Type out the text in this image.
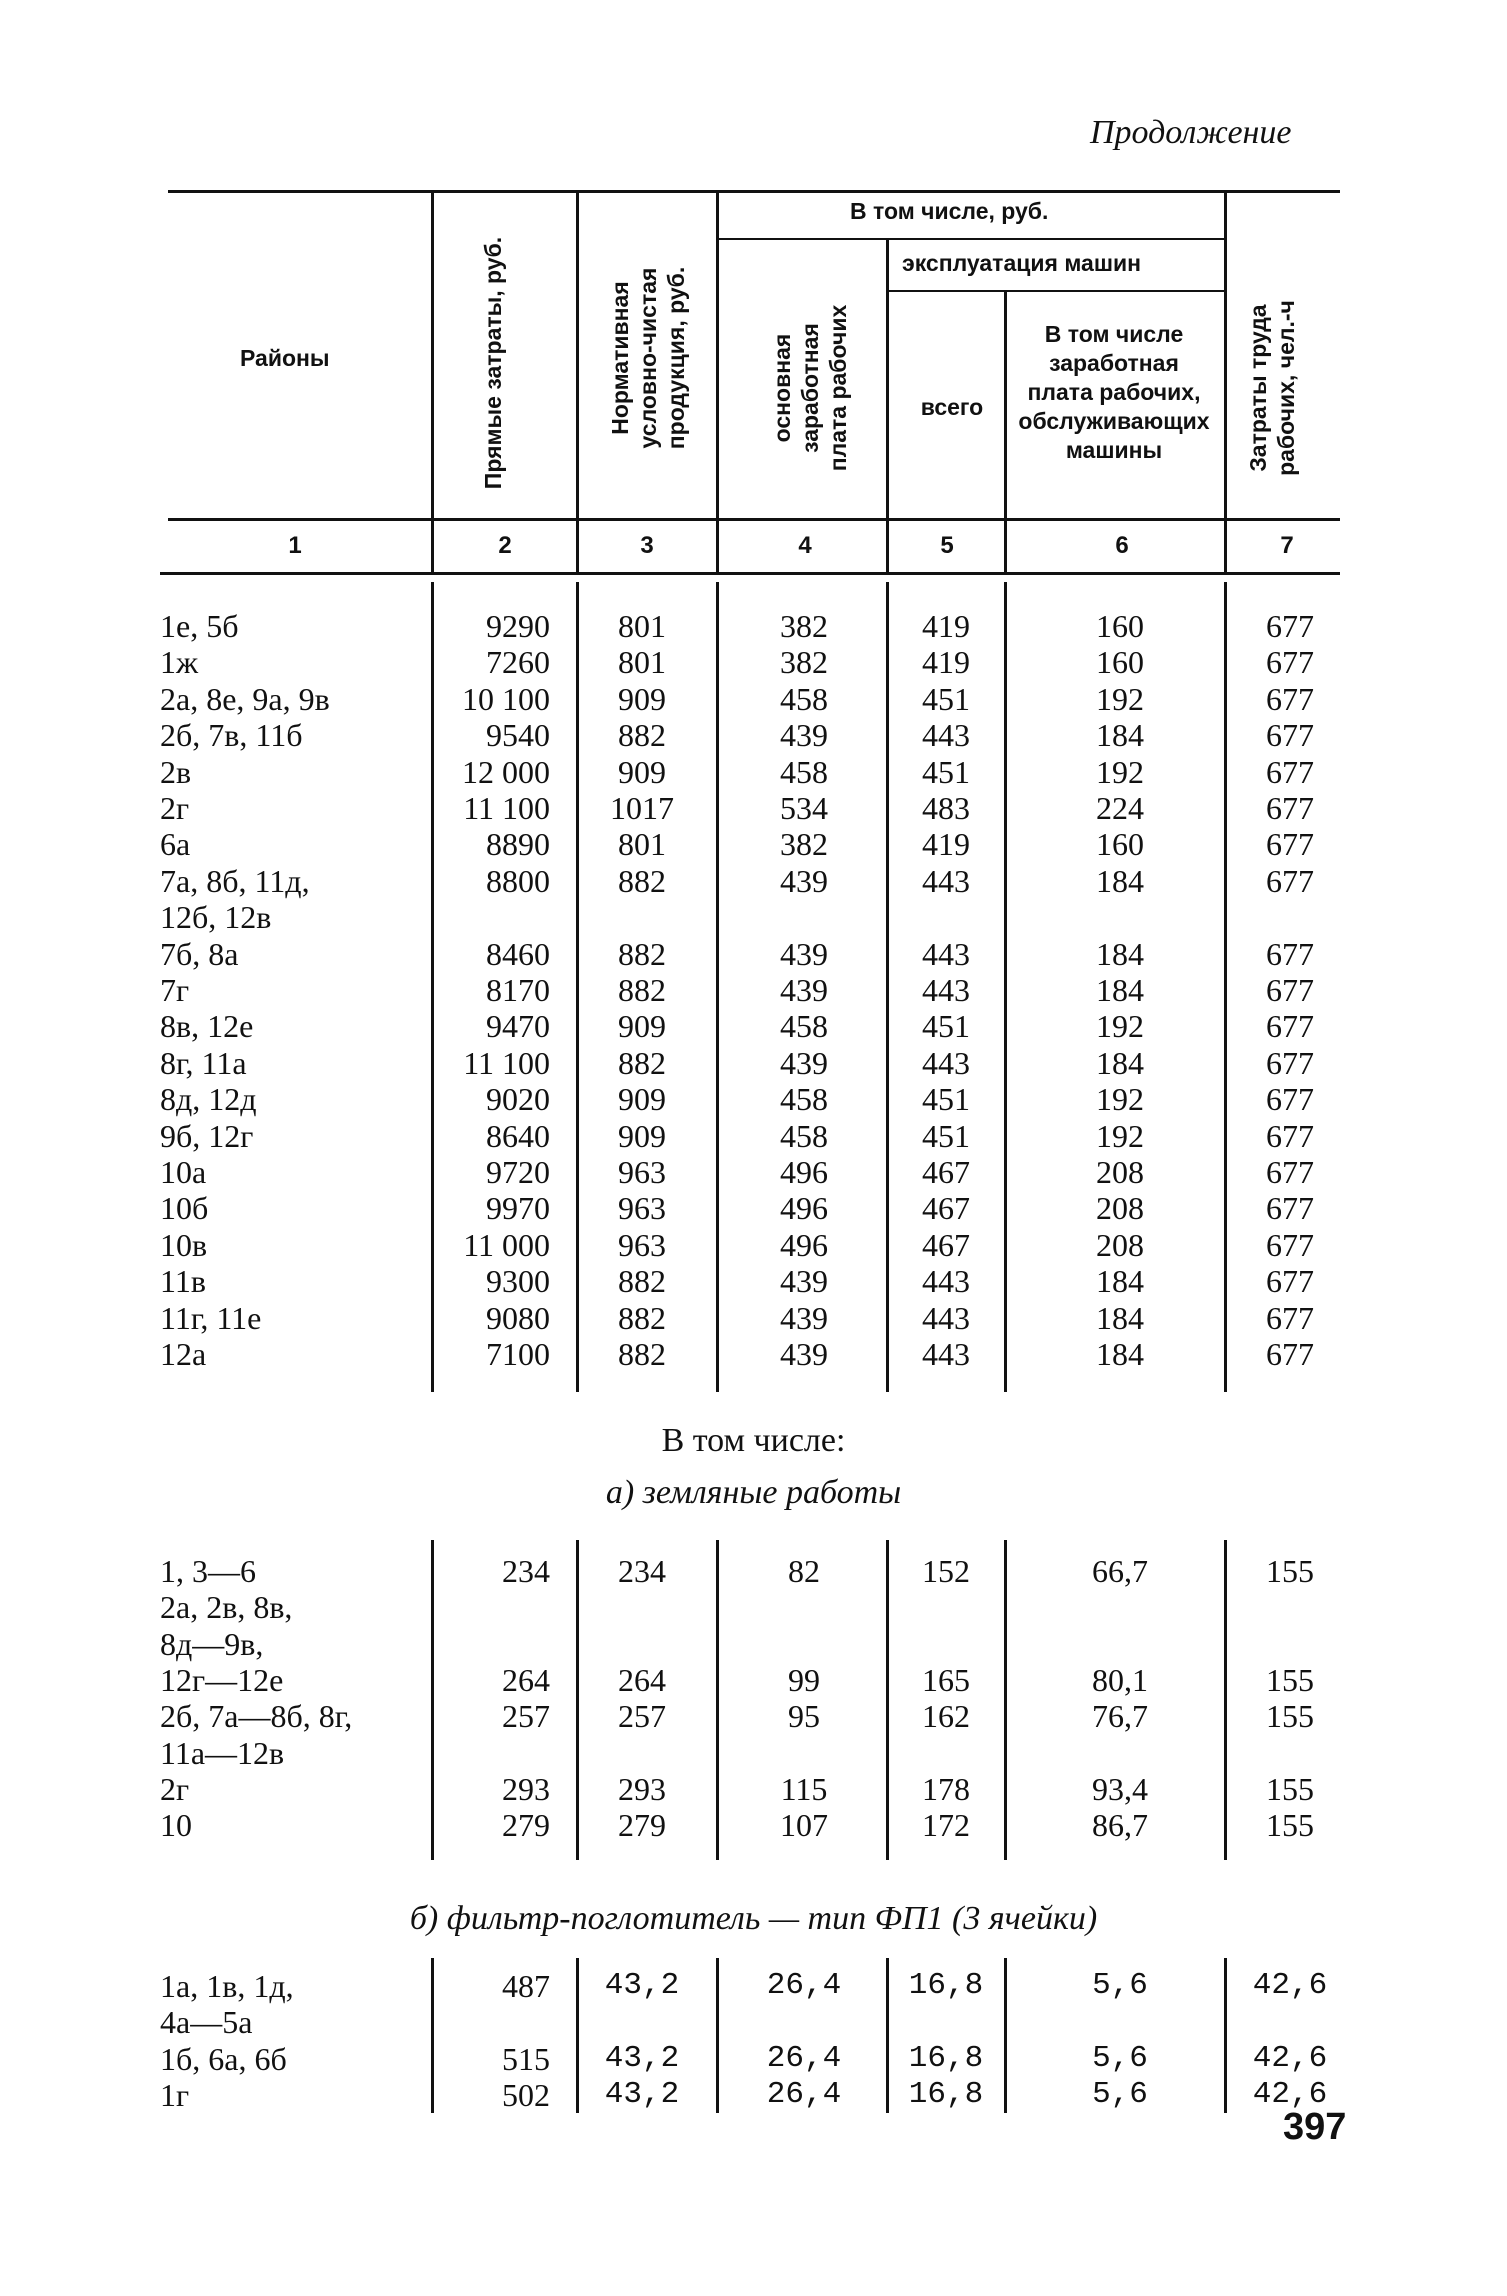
Продолжение
Районы	Прямые затраты, руб.	Нормативная условно-чистая продукция, руб.
В том числе, руб.
основная заработная плата рабочих
эксплуатация машин
всего
В том числе заработная плата рабочих, обслуживающих машины	Затраты труда рабочих, чел.-ч
1	2	3	4	5	6	7
1е, 5б	9290	801	382	419	160	677
1ж	7260	801	382	419	160	677
2а, 8е, 9а, 9в	10 100	909	458	451	192	677
2б, 7в, 11б	9540	882	439	443	184	677
2в	12 000	909	458	451	192	677
2г	11 100	1017	534	483	224	677
6а	8890	801	382	419	160	677
7а, 8б, 11д,	8800	882	439	443	184	677
12б, 12в
7б, 8а	8460	882	439	443	184	677
7г	8170	882	439	443	184	677
8в, 12е	9470	909	458	451	192	677
8г, 11а	11 100	882	439	443	184	677
8д, 12д	9020	909	458	451	192	677
9б, 12г	8640	909	458	451	192	677
10а	9720	963	496	467	208	677
10б	9970	963	496	467	208	677
10в	11 000	963	496	467	208	677
11в	9300	882	439	443	184	677
11г, 11е	9080	882	439	443	184	677
12а	7100	882	439	443	184	677
В том числе:
а) земляные работы
1, 3—6	234	234	82	152	66,7	155
2а, 2в, 8в,
8д—9в,
12г—12е	264	264	99	165	80,1	155
2б, 7а—8б, 8г,	257	257	95	162	76,7	155
11а—12в
2г	293	293	115	178	93,4	155
10	279	279	107	172	86,7	155
б) фильтр-поглотитель — тип ФП1 (3 ячейки)
1а, 1в, 1д,	487	43,2	26,4	16,8	5,6	42,6
4а—5а
1б, 6а, 6б	515	43,2	26,4	16,8	5,6	42,6
1г	502	43,2	26,4	16,8	5,6	42,6
397
